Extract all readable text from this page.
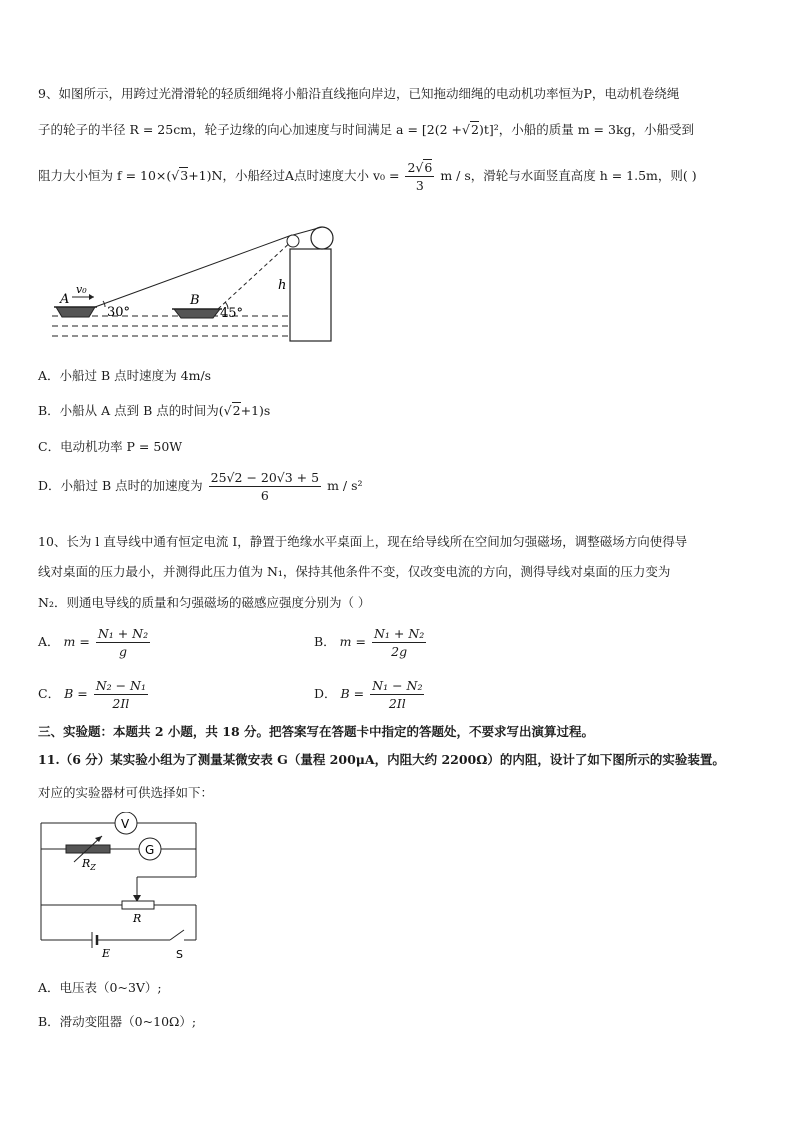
9、如图所示，用跨过光滑滑轮的轻质细绳将小船沿直线拖向岸边，已知拖动细绳的电动机功率恒为P，电动机卷绕绳
子的轮子的半径 R = 25cm，轮子边缘的向心加速度与时间满足 a = [2(2 +√2)t]²，小船的质量 m = 3kg，小船受到
阻力大小恒为 f = 10×(√3+1)N，小船经过A点时速度大小 $v_0 = \frac{2√6}{3}$ m / s，滑轮与水面竖直高度 h = 1.5m，则( )
A
v₀
30°
B
45°
h
A．小船过 B 点时速度为 4m/s
B．小船从 A 点到 B 点的时间为(√2+1)s
C．电动机功率 P = 50W
D．小船过 B 点时的加速度为 $\frac{25√2 - 20√3 + 5}{6}$ m / s²
10、长为 l 直导线中通有恒定电流 I，静置于绝缘水平桌面上，现在给导线所在空间加匀强磁场，调整磁场方向使得导
线对桌面的压力最小，并测得此压力值为 N₁，保持其他条件不变，仅改变电流的方向，测得导线对桌面的压力变为
N₂．则通电导线的质量和匀强磁场的磁感应强度分别为（ ）
A． $m = \frac{\text{N₁ + N₂}}{g}$	B． $m = \frac{\text{N₁ + N₂}}{2g}$
C． $B = \frac{\text{N₂ − N₁}}{2Il}$	D． $B = \frac{\text{N₁ − N₂}}{2Il}$
三、实验题：本题共 2 小题，共 18 分。把答案写在答题卡中指定的答题处，不要求写出演算过程。
11.（6 分）某实验小组为了测量某微安表 G（量程 200μA，内阻大约 2200Ω）的内阻，设计了如下图所示的实验装置。
对应的实验器材可供选择如下：
V
G
$R_Z$
R
E	S
A．电压表（0~3V）;
B．滑动变阻器（0~10Ω）;
